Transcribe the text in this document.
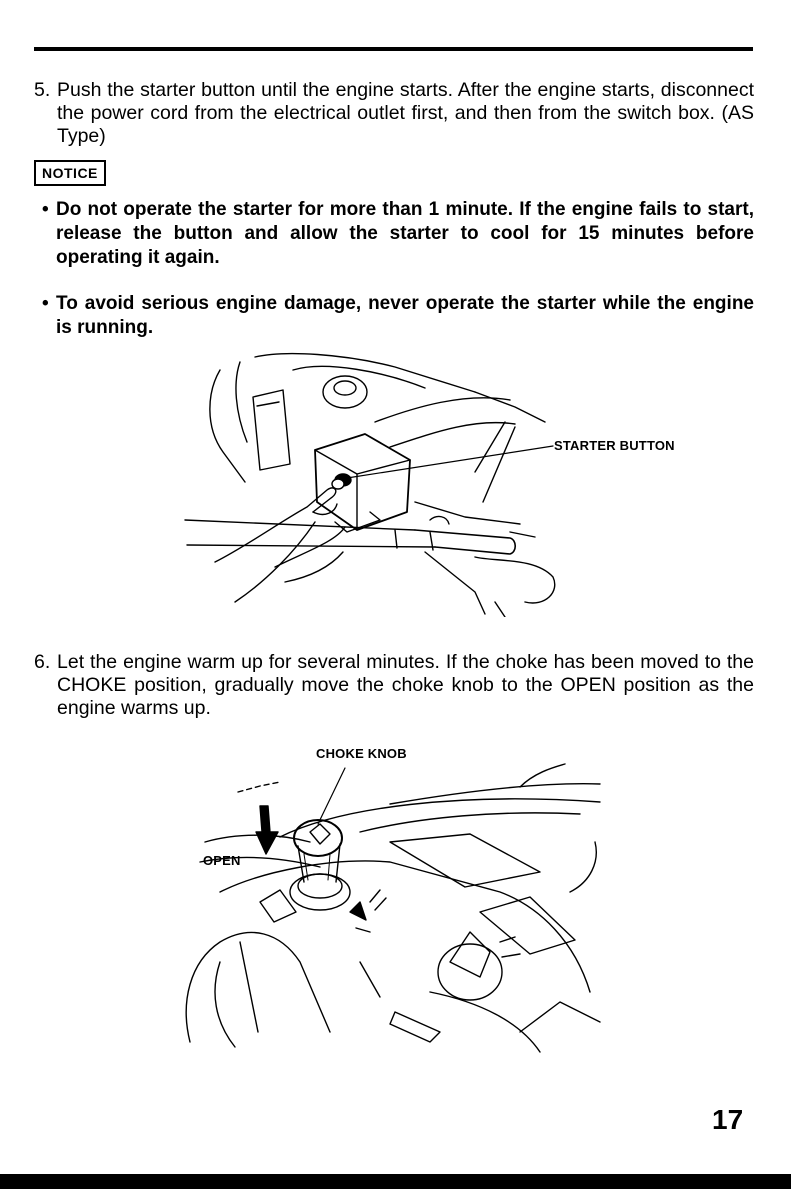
5. Push the starter button until the engine starts. After the engine starts, disconnect the power cord from the electrical outlet first, and then from the switch box. (AS Type)
NOTICE
• Do not operate the starter for more than 1 minute. If the engine fails to start, release the button and allow the starter to cool for 15 minutes before operating it again.
• To avoid serious engine damage, never operate the starter while the engine is running.
STARTER BUTTON
6. Let the engine warm up for several minutes. If the choke has been moved to the CHOKE position, gradually move the choke knob to the OPEN position as the engine warms up.
CHOKE KNOB
OPEN
17
